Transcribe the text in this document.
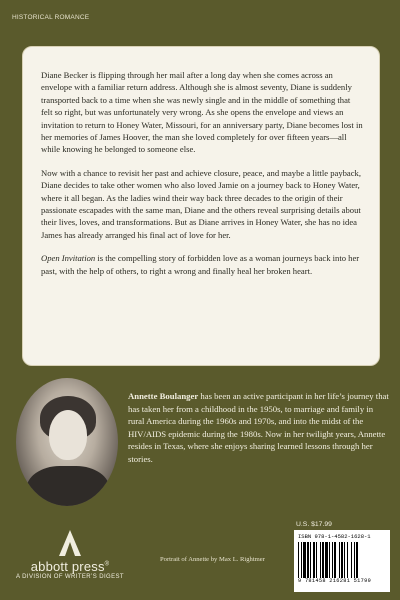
HISTORICAL ROMANCE

Diane Becker is flipping through her mail after a long day when she comes across an envelope with a familiar return address. Although she is almost seventy, Diane is suddenly transported back to a time when she was newly single and in the middle of something that felt so right, but was unfortunately very wrong. As she opens the envelope and views an invitation to return to Honey Water, Missouri, for an anniversary party, Diane becomes lost in her memories of James Hoover, the man she loved completely for over fifteen years—all while knowing he belonged to someone else.

Now with a chance to revisit her past and achieve closure, peace, and maybe a little payback, Diane decides to take other women who also loved Jamie on a journey back to Honey Water, where it all began. As the ladies wind their way back three decades to the origin of their passionate escapades with the same man, Diane and the others reveal surprising details about their lives, loves, and transformations. But as Diane arrives in Honey Water, she has no idea James has already arranged his final act of love for her.

Open Invitation is the compelling story of forbidden love as a woman journeys back into her past, with the help of others, to right a wrong and finally heal her broken heart.

Annette Boulanger has been an active participant in her life’s journey that has taken her from a childhood in the 1950s, to marriage and family in rural America during the 1960s and 1970s, and into the midst of the HIV/AIDS epidemic during the 1980s. Now in her twilight years, Annette resides in Texas, where she enjoys sharing learned lessons through her stories.
Portrait of Annette by Max L. Rightmer
abbott press®
A DIVISION OF WRITER’S DIGEST
U.S. $17.99
ISBN 978-1-4582-1628-1
9 781458 216281 51799
